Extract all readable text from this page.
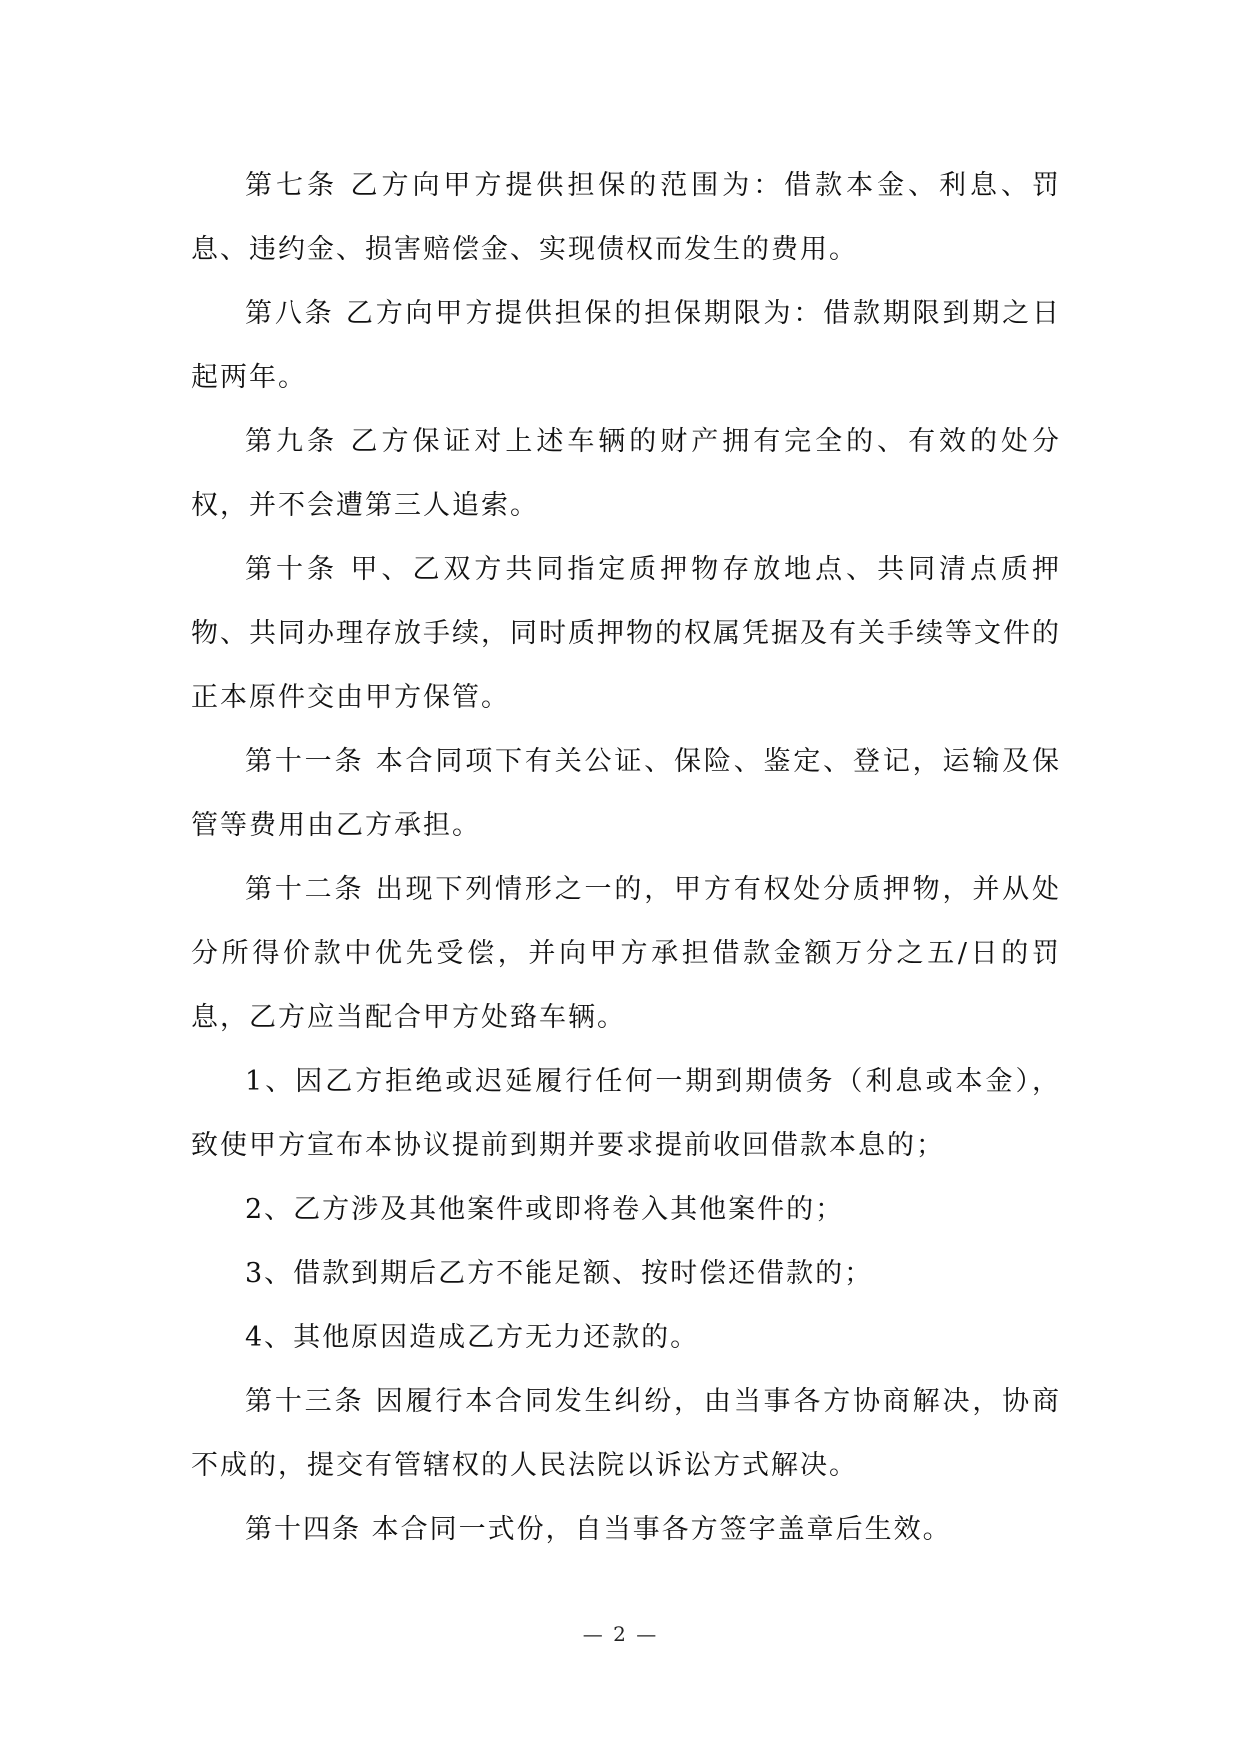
第七条 乙方向甲方提供担保的范围为：借款本金、利息、罚息、违约金、损害赔偿金、实现债权而发生的费用。

第八条 乙方向甲方提供担保的担保期限为：借款期限到期之日起两年。

第九条 乙方保证对上述车辆的财产拥有完全的、有效的处分权，并不会遭第三人追索。

第十条 甲、乙双方共同指定质押物存放地点、共同清点质押物、共同办理存放手续，同时质押物的权属凭据及有关手续等文件的正本原件交由甲方保管。

第十一条 本合同项下有关公证、保险、鉴定、登记，运输及保管等费用由乙方承担。

第十二条 出现下列情形之一的，甲方有权处分质押物，并从处分所得价款中优先受偿，并向甲方承担借款金额万分之五/日的罚息，乙方应当配合甲方处臵车辆。

1、因乙方拒绝或迟延履行任何一期到期债务（利息或本金），致使甲方宣布本协议提前到期并要求提前收回借款本息的；

2、乙方涉及其他案件或即将卷入其他案件的；

3、借款到期后乙方不能足额、按时偿还借款的；

4、其他原因造成乙方无力还款的。

第十三条 因履行本合同发生纠纷，由当事各方协商解决，协商不成的，提交有管辖权的人民法院以诉讼方式解决。

第十四条 本合同一式份，自当事各方签字盖章后生效。

— 2 —
